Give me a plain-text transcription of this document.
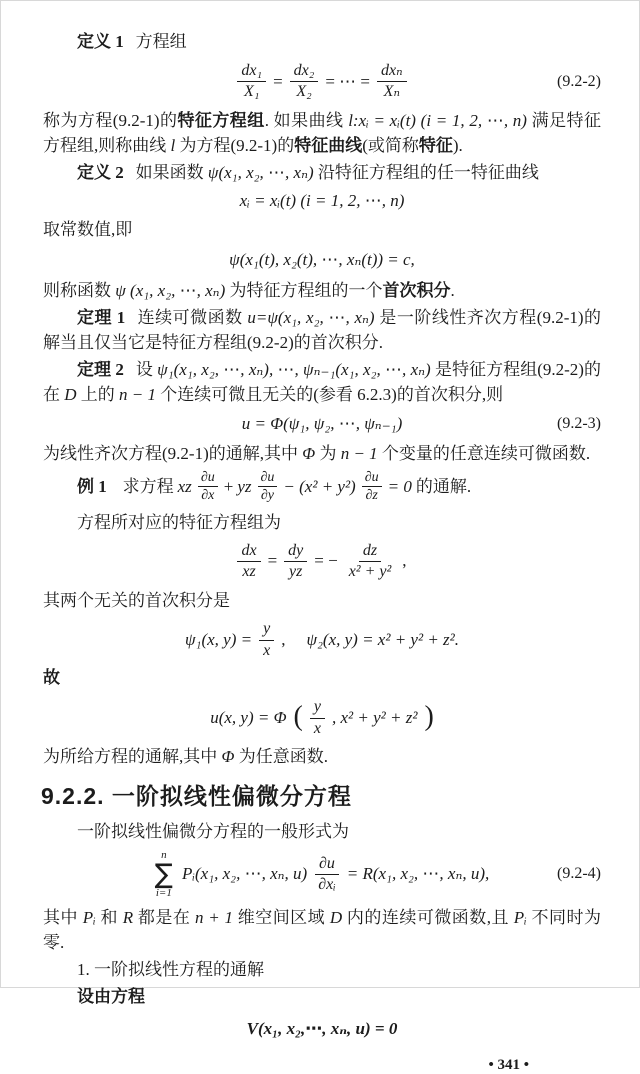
定义 1 方程组

$\frac{\text{dx₁}}{\text{X₁}} = \frac{\text{dx₂}}{\text{X₂}}$ = ⋯ = $\frac{\text{dxₙ}}{\text{Xₙ}}$	(9.2-2)

称为方程(9.2-1)的特征方程组. 如果曲线 l:xᵢ = xᵢ(t) (i = 1, 2, ⋯, n) 满足特征方程组,则称曲线 l 为方程(9.2-1)的特征曲线(或简称特征).

定义 2 如果函数 ψ(x₁, x₂, ⋯, xₙ) 沿特征方程组的任一特征曲线

xᵢ = xᵢ(t) (i = 1, 2, ⋯, n)

取常数值,即

ψ(x₁(t), x₂(t), ⋯, xₙ(t)) = c,

则称函数 ψ (x₁, x₂, ⋯, xₙ) 为特征方程组的一个首次积分.

定理 1 连续可微函数 u=ψ(x₁, x₂, ⋯, xₙ) 是一阶线性齐次方程(9.2-1)的解当且仅当它是特征方程组(9.2-2)的首次积分.

定理 2 设 ψ₁(x₁, x₂, ⋯, xₙ), ⋯, ψₙ₋₁(x₁, x₂, ⋯, xₙ) 是特征方程组(9.2-2)的在 D 上的 n − 1 个连续可微且无关的(参看 6.2.3)的首次积分,则

u = Φ(ψ₁, ψ₂, ⋯, ψₙ₋₁)	(9.2-3)

为线性齐次方程(9.2-1)的通解,其中 Φ 为 n − 1 个变量的任意连续可微函数.

例 1 求方程 xz $\frac{\partial u}{\partial x}$ + yz $\frac{\partial u}{\partial y} - (x^2 + y^2) \frac{\partial u}{\partial z} = 0$ 的通解.

方程所对应的特征方程组为

$\frac{dx}{xz} = \frac{dy}{yz}$ = − $\frac{dz}{\text{x² + y²}}$ ,

其两个无关的首次积分是

ψ₁(x, $y) = \frac{y}{x}$ , ψ₂(x, y) = x² + y² + z².

故

u(x, y) = Φ ( $\frac{y}{x}$ , x² + y² + z² )

为所给方程的通解,其中 Φ 为任意函数.

9.2.2. 一阶拟线性偏微分方程

一阶拟线性偏微分方程的一般形式为

n
∑
i=1
Pᵢ(x₁, x₂, ⋯, xₙ, $u) \frac{\partial u}{\text{∂xᵢ}} = R(x_1$, x₂, ⋯, xₙ, u),	(9.2-4)

其中 Pᵢ 和 R 都是在 n + 1 维空间区域 D 内的连续可微函数,且 Pᵢ 不同时为零.

1. 一阶拟线性方程的通解

设由方程

V(x₁, x₂,⋯, xₙ, u) = 0
• 341 •
